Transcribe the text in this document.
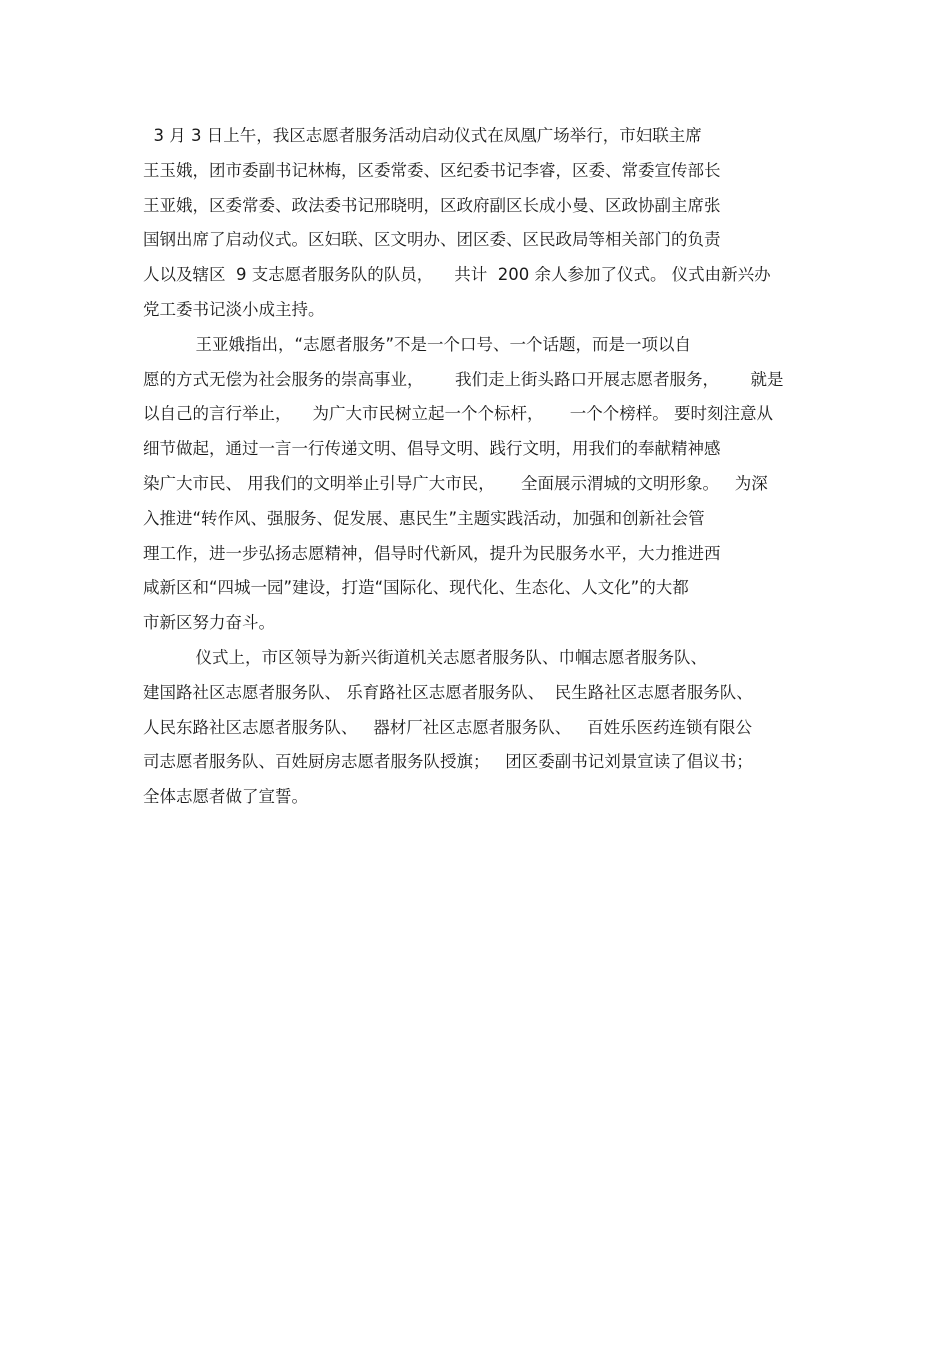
3 月 3 日上午，我区志愿者服务活动启动仪式在凤凰广场举行，市妇联主席
王玉娥，团市委副书记林梅，区委常委、区纪委书记李睿，区委、常委宣传部长
王亚娥，区委常委、政法委书记邢晓明，区政府副区长成小曼、区政协副主席张
国钢出席了启动仪式。区妇联、区文明办、团区委、区民政局等相关部门的负责
人以及辖区  9 支志愿者服务队的队员，    共计  200 余人参加了仪式。 仪式由新兴办
党工委书记淡小成主持。
王亚娥指出，“志愿者服务”不是一个口号、一个话题，而是一项以自
愿的方式无偿为社会服务的崇高事业，      我们走上街头路口开展志愿者服务，      就是
以自己的言行举止，    为广大市民树立起一个个标杆，     一个个榜样。 要时刻注意从
细节做起，通过一言一行传递文明、倡导文明、践行文明，用我们的奉献精神感
染广大市民、 用我们的文明举止引导广大市民，     全面展示渭城的文明形象。   为深
入推进“转作风、强服务、促发展、惠民生”主题实践活动，加强和创新社会管
理工作，进一步弘扬志愿精神，倡导时代新风，提升为民服务水平，大力推进西
咸新区和“四城一园”建设，打造“国际化、现代化、生态化、人文化”的大都
市新区努力奋斗。
仪式上，市区领导为新兴街道机关志愿者服务队、巾帼志愿者服务队、
建国路社区志愿者服务队、 乐育路社区志愿者服务队、  民生路社区志愿者服务队、
人民东路社区志愿者服务队、   器材厂社区志愿者服务队、   百姓乐医药连锁有限公
司志愿者服务队、百姓厨房志愿者服务队授旗；   团区委副书记刘景宣读了倡议书；
全体志愿者做了宣誓。
